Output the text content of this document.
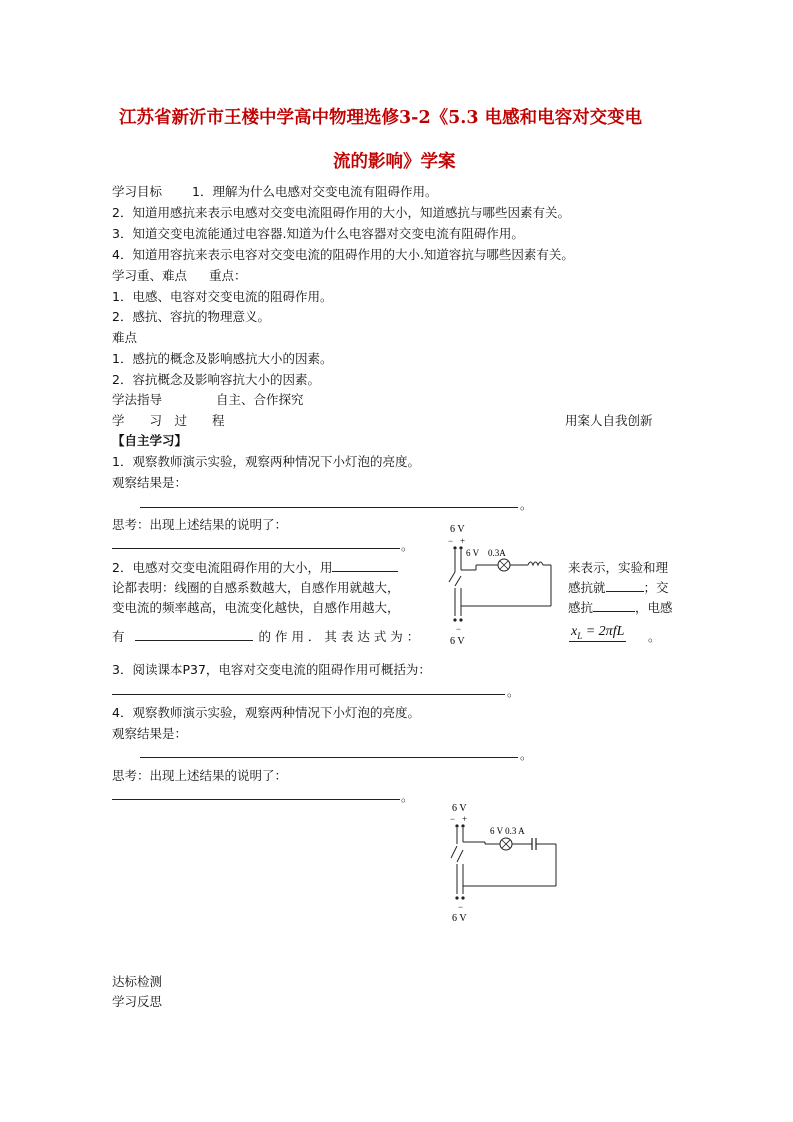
江苏省新沂市王楼中学高中物理选修3-2《5.3 电感和电容对交变电
流的影响》学案
学习目标 1．理解为什么电感对交变电流有阻碍作用。
2．知道用感抗来表示电感对交变电流阻碍作用的大小，知道感抗与哪些因素有关。
3．知道交变电流能通过电容器.知道为什么电容器对交变电流有阻碍作用。
4．知道用容抗来表示电容对交变电流的阻碍作用的大小.知道容抗与哪些因素有关。
学习重、难点 重点：
1．电感、电容对交变电流的阻碍作用。
2．感抗、容抗的物理意义。
难点
1．感抗的概念及影响感抗大小的因素。
2．容抗概念及影响容抗大小的因素。
学法指导	自主、合作探究
学　　习　过　　程	用案人自我创新
【自主学习】
1．观察教师演示实验，观察两种情况下小灯泡的亮度。
观察结果是：
。
思考：出现上述结果的说明了：
。
2．电感对交变电流阻碍作用的大小，用	来表示，实验和理
论都表明：线圈的自感系数越大，自感作用就越大，	感抗就	；交
变电流的频率越高，电流变化越快，自感作用越大，	感抗	，电感
有	的 作 用 ． 其 表 达 式 为 ：	$x_L = 2\pi fL$ 。
6 V
− +
6 V 0.3A
−
6 V
3．阅读课本P37，电容对交变电流的阻碍作用可概括为：
。
4．观察教师演示实验，观察两种情况下小灯泡的亮度。
观察结果是：
。
思考：出现上述结果的说明了：
。
6 V
− +
6 V 0.3 A
−
6 V
达标检测
学习反思
